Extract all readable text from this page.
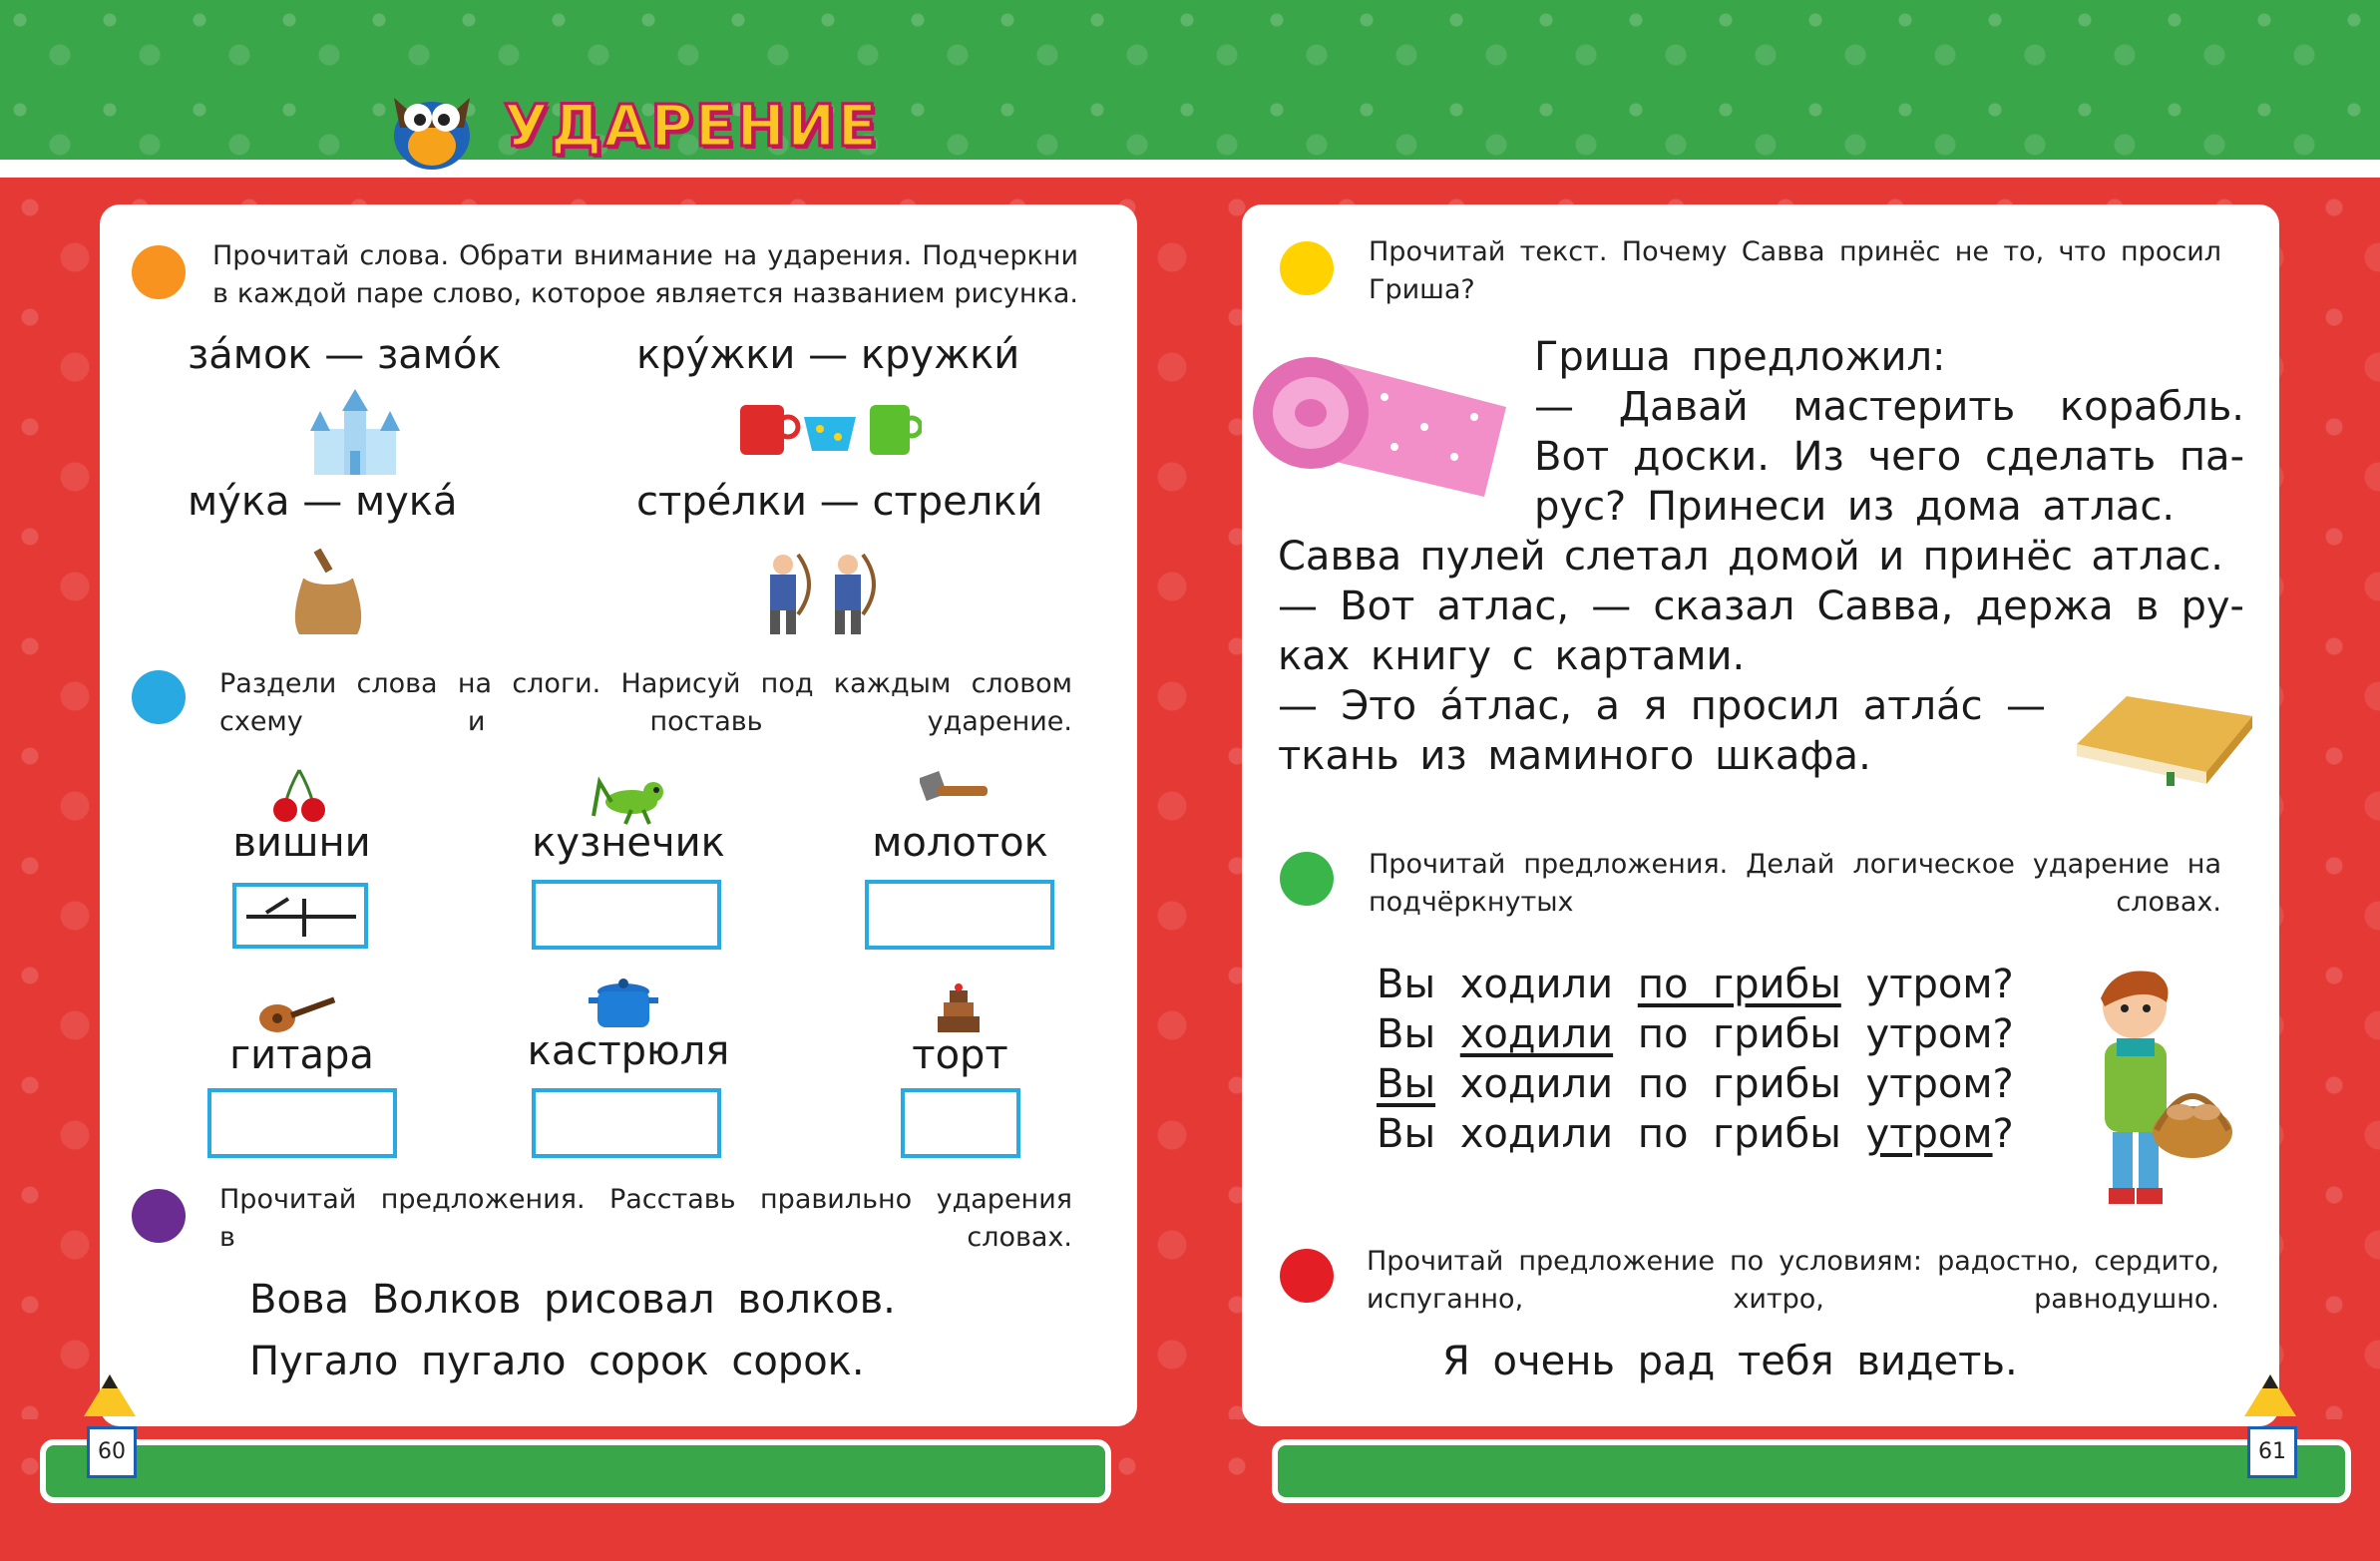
УДАРЕНИЕ
Прочитай слова. Обрати внимание на ударения. Подчеркни
в каждой паре слово, которое является названием рисунка.
за́мок — замо́к	кру́жки — кружки́
му́ка — мука́	стре́лки — стрелки́
Раздели слова на слоги. Нарисуй под каждым словом
схему и поставь ударение.
вишни	кузнечик	молоток
гитара	кастрюля	торт
Прочитай предложения. Расставь правильно ударения
в словах.
Вова Волков рисовал волков.
Пугало пугало сорок сорок.
60
Прочитай текст. Почему Савва принёс не то, что просил
Гриша?
Гриша предложил:
— Давай мастерить корабль.
Вот доски. Из чего сделать па-
рус? Принеси из дома атлас.
Савва пулей слетал домой и принёс атлас.
— Вот атлас, — сказал Савва, держа в ру-
ках книгу с картами.
— Это а́тлас, а я просил атла́с —
ткань из маминого шкафа.
Прочитай предложения. Делай логическое ударение на
подчёркнутых словах.
Вы ходили по грибы утром?
Вы ходили по грибы утром?
Вы ходили по грибы утром?
Вы ходили по грибы утром?
Прочитай предложение по условиям: радостно, сердито,
испуганно, хитро, равнодушно.
Я очень рад тебя видеть.
61
